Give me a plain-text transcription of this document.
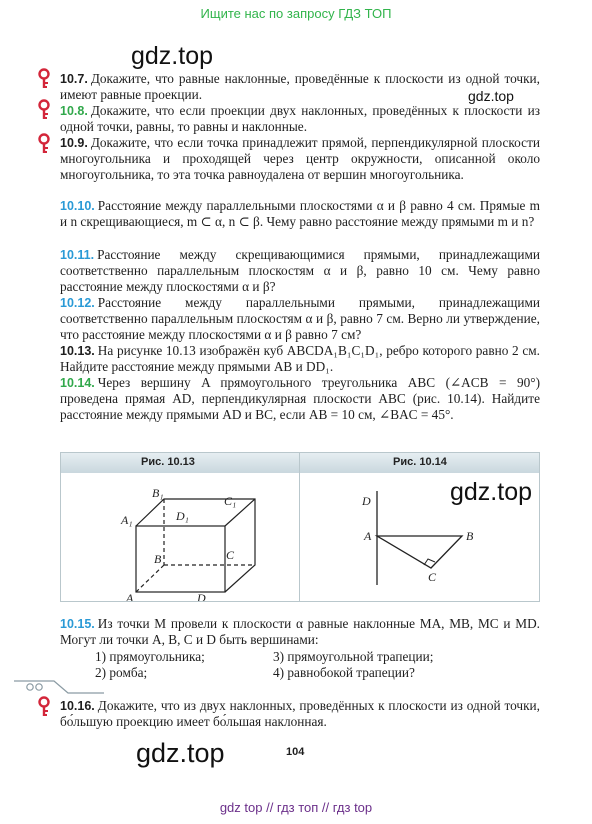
Ищите нас по запросу ГДЗ ТОП
gdz.top
gdz.top
10.7. Докажите, что равные наклонные, проведённые к плоскости из одной точки, имеют равные проекции.
10.8. Докажите, что если проекции двух наклонных, проведённых к плоскости из одной точки, равны, то равны и наклонные.
10.9. Докажите, что если точка принадлежит прямой, перпендикулярной плоскости многоугольника и проходящей через центр окружности, описанной около многоугольника, то эта точка равноудалена от вершин многоугольника.
10.10. Расстояние между параллельными плоскостями α и β равно 4 см. Прямые m и n скрещивающиеся, m ⊂ α, n ⊂ β. Чему равно расстояние между прямыми m и n?
10.11. Расстояние между скрещивающимися прямыми, принадлежащими соответственно параллельным плоскостям α и β, равно 10 см. Чему равно расстояние между плоскостями α и β?
10.12. Расстояние между параллельными прямыми, принадлежащими соответственно параллельным плоскостям α и β, равно 7 см. Верно ли утверждение, что расстояние между плоскостями α и β равно 7 см?
10.13. На рисунке 10.13 изображён куб ABCDA₁B₁C₁D₁, ребро которого равно 2 см. Найдите расстояние между прямыми AB и DD₁.
10.14. Через вершину A прямоугольного треугольника ABC (∠ACB = 90°) проведена прямая AD, перпендикулярная плоскости ABC (рис. 10.14). Найдите расстояние между прямыми AD и BC, если AB = 10 см, ∠BAC = 45°.
Рис. 10.13	Рис. 10.14
B₁
C₁
D₁
A₁
B	C
A	D
D
A	B
C
gdz.top
10.15. Из точки M провели к плоскости α равные наклонные MA, MB, MC и MD. Могут ли точки A, B, C и D быть вершинами:
1) прямоугольника;
2) ромба;
3) прямоугольной трапеции;
4) равнобокой трапеции?
10.16. Докажите, что из двух наклонных, проведённых к плоскости из одной точки, бо́льшую проекцию имеет бо́льшая наклонная.
gdz.top	104
gdz top // гдз топ // гдз top
